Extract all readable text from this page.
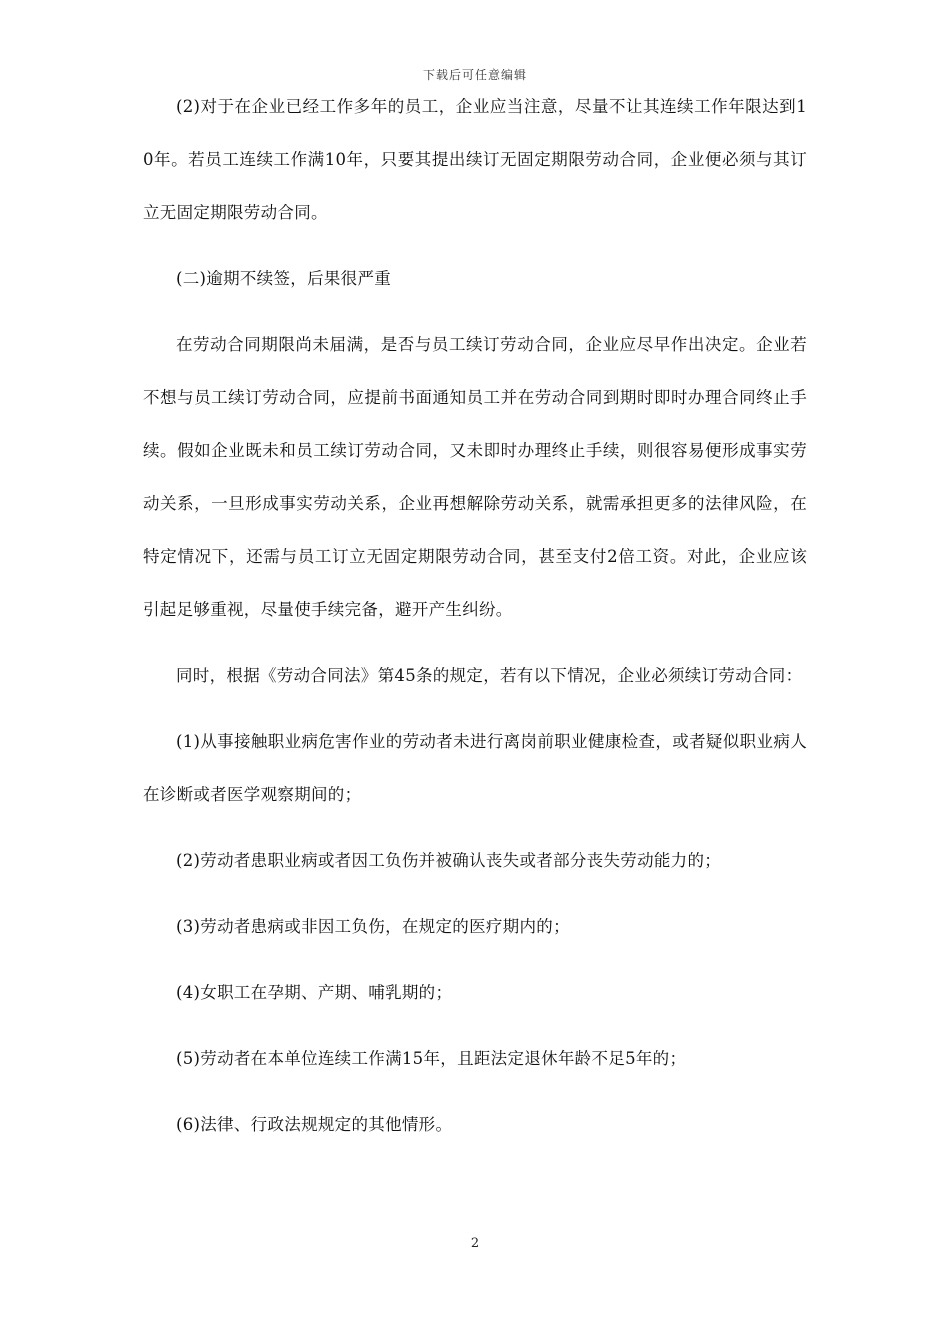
下载后可任意编辑

(2)对于在企业已经工作多年的员工，企业应当注意，尽量不让其连续工作年限达到10年。若员工连续工作满10年，只要其提出续订无固定期限劳动合同，企业便必须与其订立无固定期限劳动合同。

(二)逾期不续签，后果很严重

在劳动合同期限尚未届满，是否与员工续订劳动合同，企业应尽早作出决定。企业若不想与员工续订劳动合同，应提前书面通知员工并在劳动合同到期时即时办理合同终止手续。假如企业既未和员工续订劳动合同，又未即时办理终止手续，则很容易便形成事实劳动关系，一旦形成事实劳动关系，企业再想解除劳动关系，就需承担更多的法律风险，在特定情况下，还需与员工订立无固定期限劳动合同，甚至支付2倍工资。对此，企业应该引起足够重视，尽量使手续完备，避开产生纠纷。

同时，根据《劳动合同法》第45条的规定，若有以下情况，企业必须续订劳动合同：

(1)从事接触职业病危害作业的劳动者未进行离岗前职业健康检查，或者疑似职业病人在诊断或者医学观察期间的；

(2)劳动者患职业病或者因工负伤并被确认丧失或者部分丧失劳动能力的；

(3)劳动者患病或非因工负伤，在规定的医疗期内的；

(4)女职工在孕期、产期、哺乳期的；

(5)劳动者在本单位连续工作满15年，且距法定退休年龄不足5年的；

(6)法律、行政法规规定的其他情形。

2
